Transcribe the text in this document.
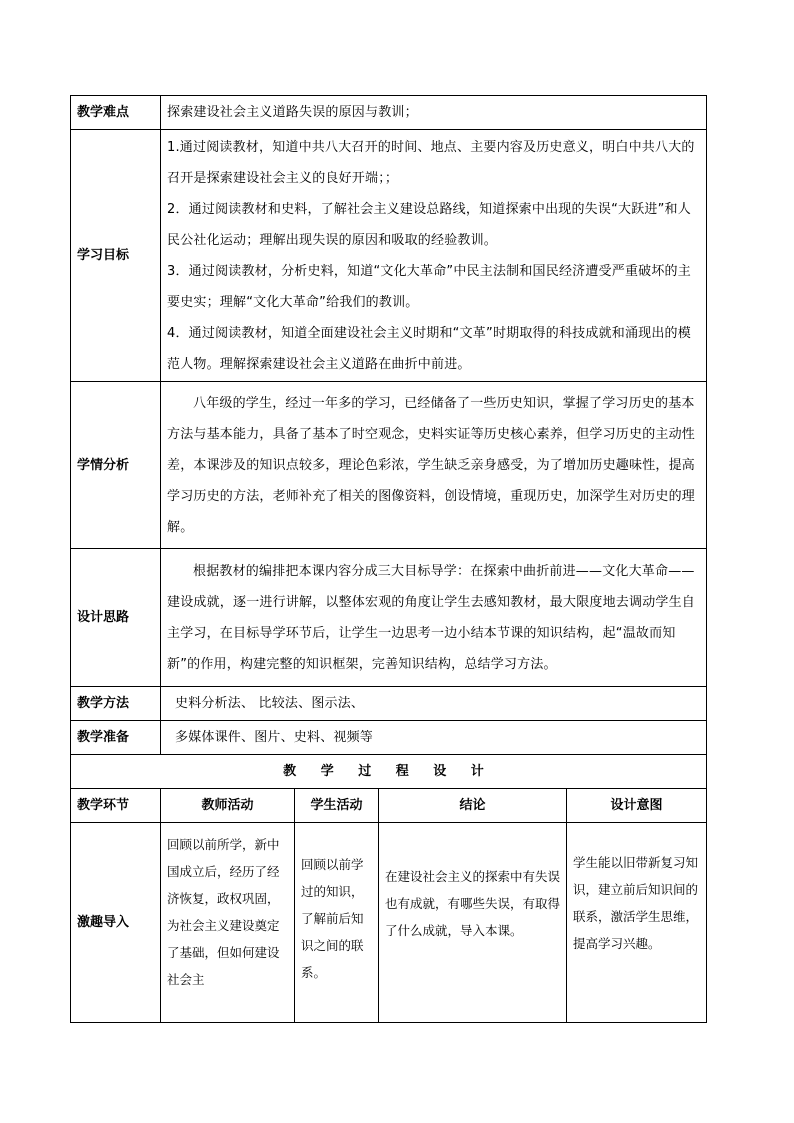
教学难点	探索建设社会主义道路失误的原因与教训；			
学习目标	1.通过阅读教材，知道中共八大召开的时间、地点、主要内容及历史意义，明白中共八大的召开是探索建设社会主义的良好开端；；

2．通过阅读教材和史料，了解社会主义建设总路线，知道探索中出现的失误“大跃进”和人民公社化运动；理解出现失误的原因和吸取的经验教训。

3．通过阅读教材，分析史料，知道“文化大革命”中民主法制和国民经济遭受严重破坏的主要史实；理解“文化大革命”给我们的教训。

4．通过阅读教材，知道全面建设社会主义时期和“文革”时期取得的科技成就和涌现出的模范人物。理解探索建设社会主义道路在曲折中前进。			

学情分析	八年级的学生，经过一年多的学习，已经储备了一些历史知识，掌握了学习历史的基本方法与基本能力，具备了基本了时空观念，史料实证等历史核心素养，但学习历史的主动性差，本课涉及的知识点较多，理论色彩浓，学生缺乏亲身感受，为了增加历史趣味性，提高学习历史的方法，老师补充了相关的图像资料，创设情境，重现历史，加深学生对历史的理解。			

设计思路	根据教材的编排把本课内容分成三大目标导学：在探索中曲折前进——文化大革命——建设成就，逐一进行讲解，以整体宏观的角度让学生去感知教材，最大限度地去调动学生自主学习，在目标导学环节后，让学生一边思考一边小结本节课的知识结构，起“温故而知新”的作用，构建完整的知识框架，完善知识结构，总结学习方法。			

教学方法	史料分析法、 比较法、图示法、			
教学准备	多媒体课件、图片、史料、视频等			
教 学 过 程 设 计				
教学环节	教师活动	学生活动	结论	设计意图
激趣导入	回顾以前所学，新中国成立后，经历了经济恢复，政权巩固，为社会主义建设奠定了基础，但如何建设社会主	回顾以前学过的知识，了解前后知识之间的联系。	在建设社会主义的探索中有失误也有成就，有哪些失误，有取得了什么成就，导入本课。	学生能以旧带新复习知识，建立前后知识间的联系，激活学生思维，提高学习兴趣。
